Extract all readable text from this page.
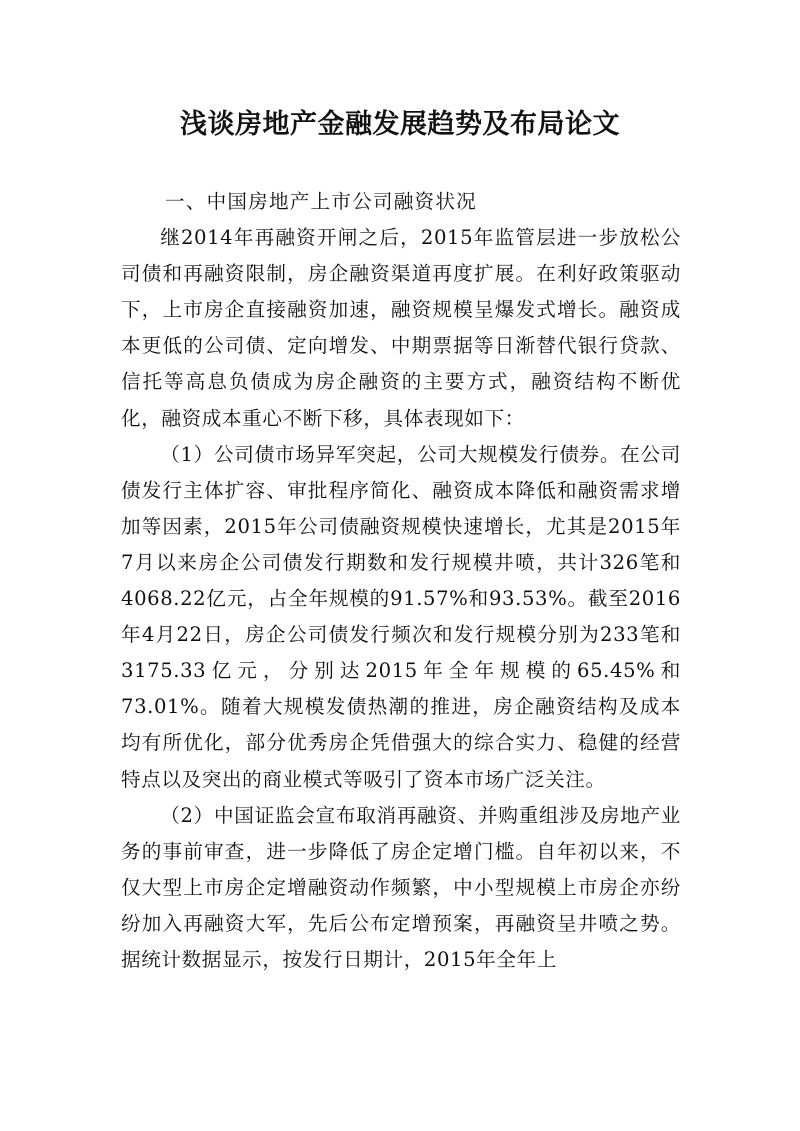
浅谈房地产金融发展趋势及布局论文

一、中国房地产上市公司融资状况

继2014年再融资开闸之后，2015年监管层进一步放松公司债和再融资限制，房企融资渠道再度扩展。在利好政策驱动下，上市房企直接融资加速，融资规模呈爆发式增长。融资成本更低的公司债、定向增发、中期票据等日渐替代银行贷款、信托等高息负债成为房企融资的主要方式，融资结构不断优化，融资成本重心不断下移，具体表现如下：

（1）公司债市场异军突起，公司大规模发行债券。在公司债发行主体扩容、审批程序简化、融资成本降低和融资需求增加等因素，2015年公司债融资规模快速增长，尤其是2015年7月以来房企公司债发行期数和发行规模井喷，共计326笔和4068.22亿元，占全年规模的91.57%和93.53%。截至2016年4月22日，房企公司债发行频次和发行规模分别为233笔和3175.33亿元，分别达2015年全年规模的65.45%和73.01%。随着大规模发债热潮的推进，房企融资结构及成本均有所优化，部分优秀房企凭借强大的综合实力、稳健的经营特点以及突出的商业模式等吸引了资本市场广泛关注。

（2）中国证监会宣布取消再融资、并购重组涉及房地产业务的事前审查，进一步降低了房企定增门槛。自年初以来，不仅大型上市房企定增融资动作频繁，中小型规模上市房企亦纷纷加入再融资大军，先后公布定增预案，再融资呈井喷之势。据统计数据显示，按发行日期计，2015年全年上
